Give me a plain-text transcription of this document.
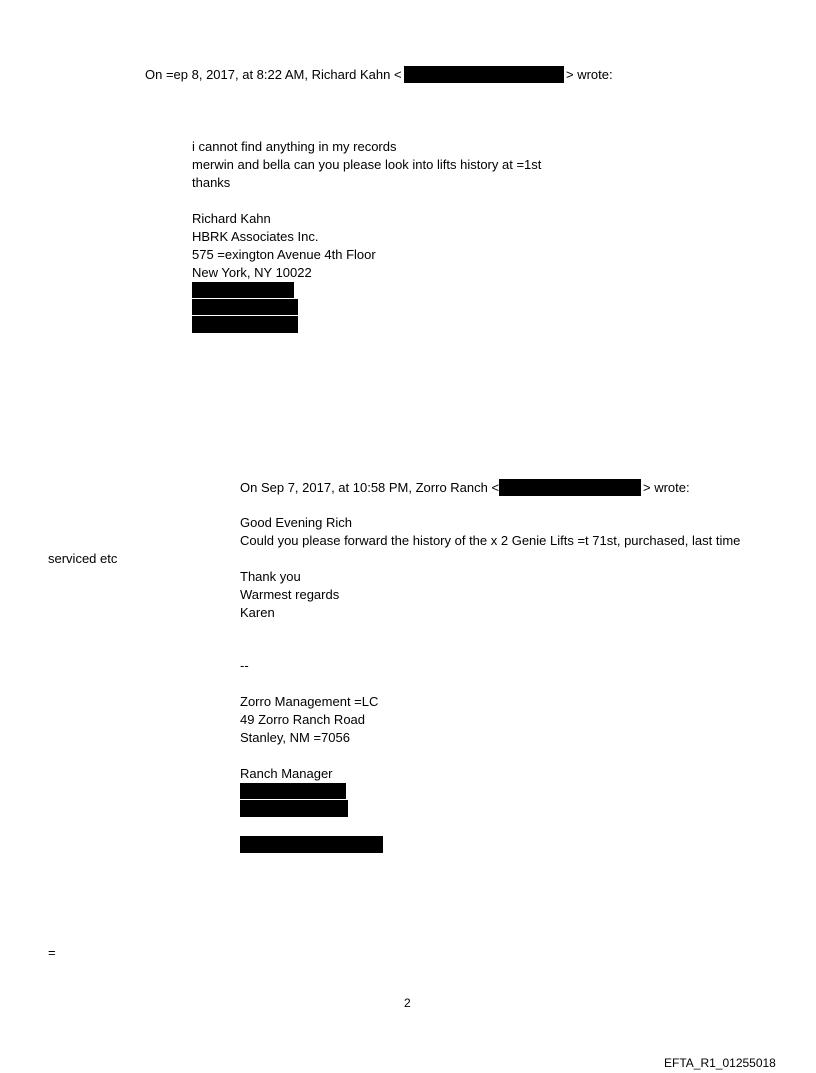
On =ep 8, 2017, at 8:22 AM, Richard Kahn <	> wrote:
i cannot find anything in my records
merwin and bella can you please look into lifts history at =1st
thanks
Richard Kahn
HBRK Associates Inc.
575 =exington Avenue 4th Floor
New York, NY 10022
On Sep 7, 2017, at 10:58 PM, Zorro Ranch <	> wrote:
Good Evening Rich
Could you please forward the history of the x 2 Genie Lifts =t 71st, purchased, last time
serviced etc
Thank you
Warmest regards
Karen
--
Zorro Management =LC
49 Zorro Ranch Road
Stanley, NM =7056
Ranch Manager
=
2
EFTA_R1_01255018
